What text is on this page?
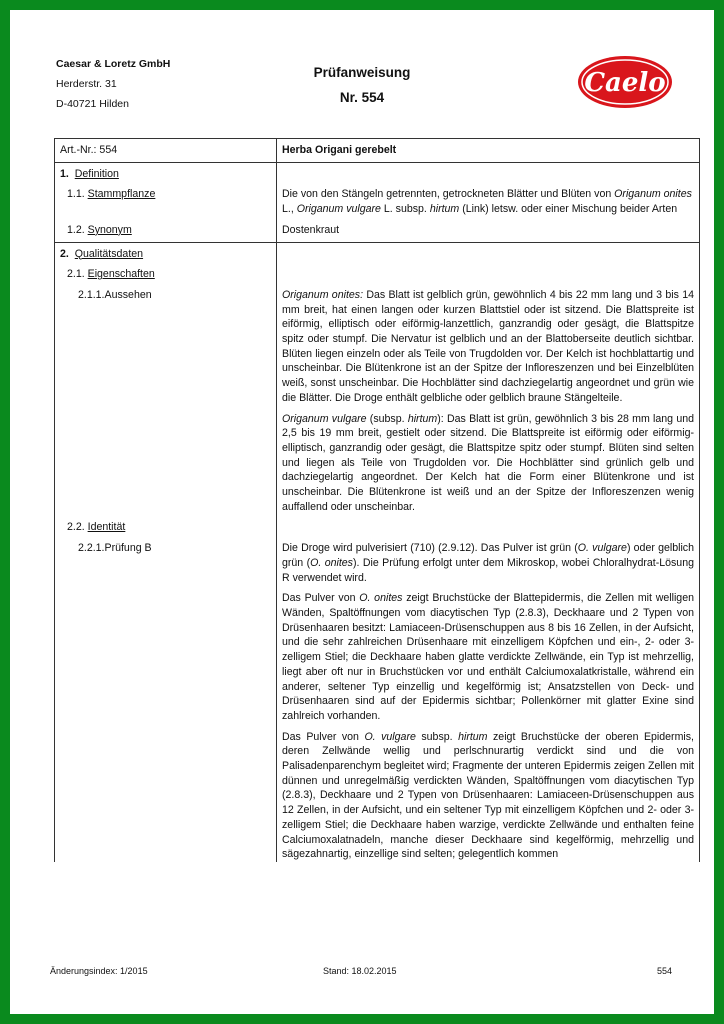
Caesar & Loretz GmbH
Herderstr. 31
D-40721 Hilden
Prüfanweisung
Nr. 554	Caelo
Art.-Nr.: 554	Herba Origani gerebelt

1. Definition	

1.1. Stammpflanze	Die von den Stängeln getrennten, getrockneten Blätter und Blüten von Origanum onites L., Origanum vulgare L. subsp. hirtum (Link) letsw. oder einer Mischung beider Arten

1.2. Synonym	Dostenkraut

2. Qualitätsdaten	

2.1. Eigenschaften	

2.1.1.Aussehen	Origanum onites: Das Blatt ist gelblich grün, gewöhnlich 4 bis 22 mm lang und 3 bis 14 mm breit, hat einen langen oder kurzen Blattstiel oder ist sitzend. Die Blattspreite ist eiförmig, elliptisch oder eiförmig-lanzettlich, ganzrandig oder gesägt, die Blattspitze spitz oder stumpf. Die Nervatur ist gelblich und an der Blattoberseite deutlich sichtbar. Blüten liegen einzeln oder als Teile von Trugdolden vor. Der Kelch ist hochblattartig und unscheinbar. Die Blütenkrone ist an der Spitze der Infloreszenzen und bei Einzelblüten weiß, sonst unscheinbar. Die Hochblätter sind dachziegelartig angeordnet und grün wie die Blätter. Die Droge enthält gelbliche oder gelblich braune Stängelteile.
Origanum vulgare (subsp. hirtum): Das Blatt ist grün, gewöhnlich 3 bis 28 mm lang und 2,5 bis 19 mm breit, gestielt oder sitzend. Die Blattspreite ist eiförmig oder eiförmig-elliptisch, ganzrandig oder gesägt, die Blattspitze spitz oder stumpf. Blüten sind selten und liegen als Teile von Trugdolden vor. Die Hochblätter sind grünlich gelb und dachziegelartig angeordnet. Der Kelch hat die Form einer Blütenkrone und ist unscheinbar. Die Blütenkrone ist weiß und an der Spitze der Infloreszenzen wenig auffallend oder unscheinbar.

2.2. Identität	

2.2.1.Prüfung B	Die Droge wird pulverisiert (710) (2.9.12). Das Pulver ist grün (O. vulgare) oder gelblich grün (O. onites). Die Prüfung erfolgt unter dem Mikroskop, wobei Chloralhydrat-Lösung R verwendet wird.
Das Pulver von O. onites zeigt Bruchstücke der Blattepidermis, die Zellen mit welligen Wänden, Spaltöffnungen vom diacytischen Typ (2.8.3), Deckhaare und 2 Typen von Drüsenhaaren besitzt: Lamiaceen-Drüsenschuppen aus 8 bis 16 Zellen, in der Aufsicht, und die sehr zahlreichen Drüsenhaare mit einzelligem Köpfchen und ein-, 2- oder 3-zelligem Stiel; die Deckhaare haben glatte verdickte Zellwände, ein Typ ist mehrzellig, liegt aber oft nur in Bruchstücken vor und enthält Calciumoxalatkristalle, während ein anderer, seltener Typ einzellig und kegelförmig ist; Ansatzstellen von Deck- und Drüsenhaaren sind auf der Epidermis sichtbar; Pollenkörner mit glatter Exine sind zahlreich vorhanden.
Das Pulver von O. vulgare subsp. hirtum zeigt Bruchstücke der oberen Epidermis, deren Zellwände wellig und perlschnurartig verdickt sind und die von Palisadenparenchym begleitet wird; Fragmente der unteren Epidermis zeigen Zellen mit dünnen und unregelmäßig verdickten Wänden, Spaltöffnungen vom diacytischen Typ (2.8.3), Deckhaare und 2 Typen von Drüsenhaaren: Lamiaceen-Drüsenschuppen aus 12 Zellen, in der Aufsicht, und ein seltener Typ mit einzelligem Köpfchen und 2- oder 3-zelligem Stiel; die Deckhaare haben warzige, verdickte Zellwände und enthalten feine Calciumoxalatnadeln, manche dieser Deckhaare sind kegelförmig, mehrzellig und sägezahnartig, einzellige sind selten; gelegentlich kommen
Änderungsindex: 1/2015	Stand: 18.02.2015	554
